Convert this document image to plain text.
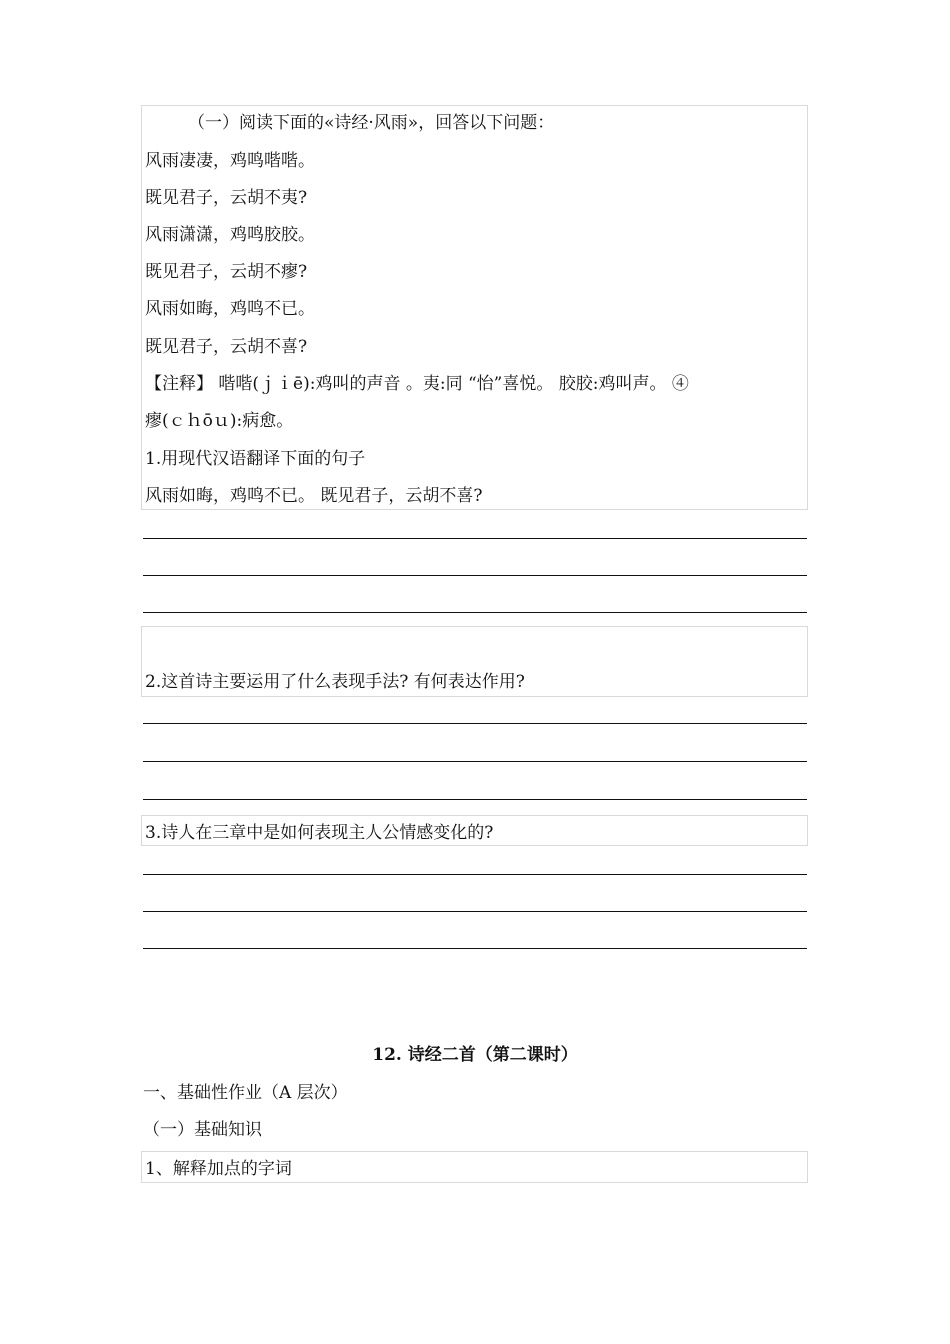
（一）阅读下面的«诗经·风雨»，回答以下问题：
风雨凄凄，鸡鸣喈喈。
既见君子，云胡不夷?
风雨潇潇，鸡鸣胶胶。
既见君子，云胡不瘳?
风雨如晦，鸡鸣不已。
既见君子，云胡不喜?
【注释】 喈喈(ｊｉē):鸡叫的声音 。夷:同 “怡”喜悦。 胶胶:鸡叫声。 ④
瘳(ｃｈōｕ):病愈。
1.用现代汉语翻译下面的句子
风雨如晦，鸡鸣不已。 既见君子，云胡不喜?
2.这首诗主要运用了什么表现手法? 有何表达作用?
3.诗人在三章中是如何表现主人公情感变化的?
12. 诗经二首（第二课时）
一、基础性作业（A 层次）
（一）基础知识
1、解释加点的字词
